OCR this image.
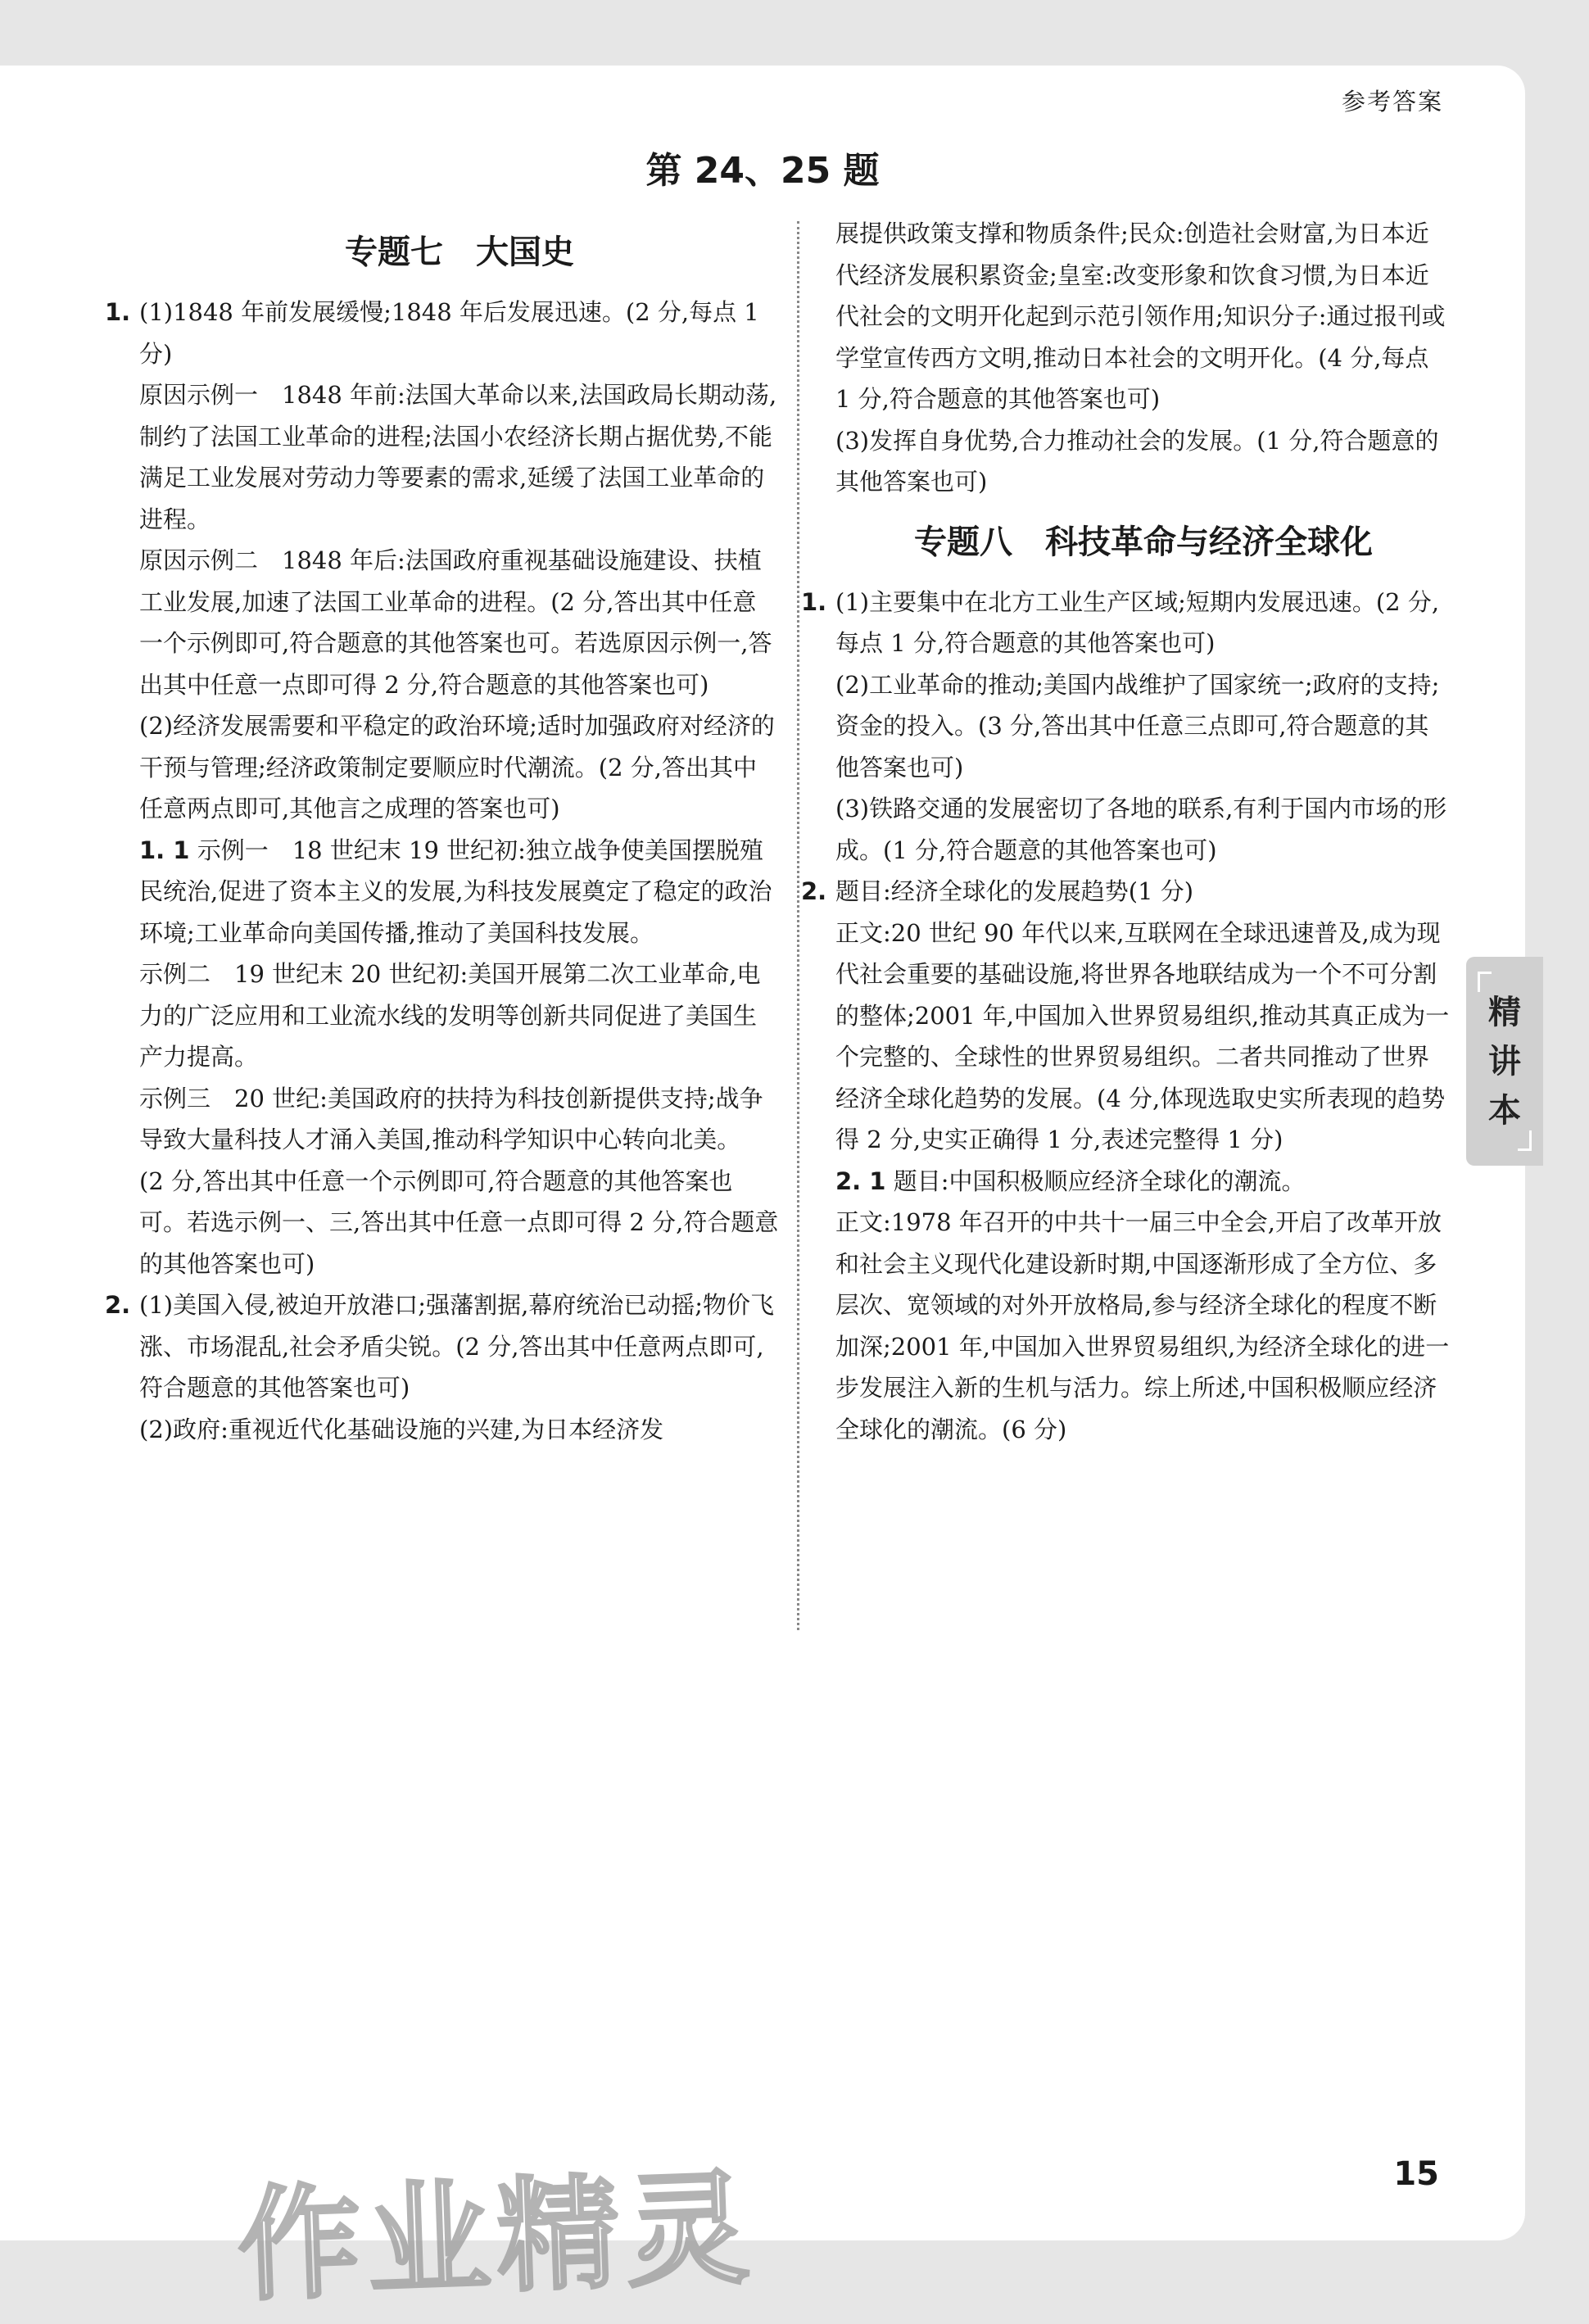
参考答案
第 24、25 题
专题七　大国史
1. (1)1848 年前发展缓慢;1848 年后发展迅速。(2 分,每点 1 分)

原因示例一　1848 年前:法国大革命以来,法国政局长期动荡,制约了法国工业革命的进程;法国小农经济长期占据优势,不能满足工业发展对劳动力等要素的需求,延缓了法国工业革命的进程。

原因示例二　1848 年后:法国政府重视基础设施建设、扶植工业发展,加速了法国工业革命的进程。(2 分,答出其中任意一个示例即可,符合题意的其他答案也可。若选原因示例一,答出其中任意一点即可得 2 分,符合题意的其他答案也可)

(2)经济发展需要和平稳定的政治环境;适时加强政府对经济的干预与管理;经济政策制定要顺应时代潮流。(2 分,答出其中任意两点即可,其他言之成理的答案也可)

1. 1 示例一　18 世纪末 19 世纪初:独立战争使美国摆脱殖民统治,促进了资本主义的发展,为科技发展奠定了稳定的政治环境;工业革命向美国传播,推动了美国科技发展。

示例二　19 世纪末 20 世纪初:美国开展第二次工业革命,电力的广泛应用和工业流水线的发明等创新共同促进了美国生产力提高。

示例三　20 世纪:美国政府的扶持为科技创新提供支持;战争导致大量科技人才涌入美国,推动科学知识中心转向北美。

(2 分,答出其中任意一个示例即可,符合题意的其他答案也可。若选示例一、三,答出其中任意一点即可得 2 分,符合题意的其他答案也可)

2. (1)美国入侵,被迫开放港口;强藩割据,幕府统治已动摇;物价飞涨、市场混乱,社会矛盾尖锐。(2 分,答出其中任意两点即可,符合题意的其他答案也可)

(2)政府:重视近代化基础设施的兴建,为日本经济发

展提供政策支撑和物质条件;民众:创造社会财富,为日本近代经济发展积累资金;皇室:改变形象和饮食习惯,为日本近代社会的文明开化起到示范引领作用;知识分子:通过报刊或学堂宣传西方文明,推动日本社会的文明开化。(4 分,每点 1 分,符合题意的其他答案也可)

(3)发挥自身优势,合力推动社会的发展。(1 分,符合题意的其他答案也可)

专题八　科技革命与经济全球化
1. (1)主要集中在北方工业生产区域;短期内发展迅速。(2 分,每点 1 分,符合题意的其他答案也可)

(2)工业革命的推动;美国内战维护了国家统一;政府的支持;资金的投入。(3 分,答出其中任意三点即可,符合题意的其他答案也可)

(3)铁路交通的发展密切了各地的联系,有利于国内市场的形成。(1 分,符合题意的其他答案也可)

2. 题目:经济全球化的发展趋势(1 分)

正文:20 世纪 90 年代以来,互联网在全球迅速普及,成为现代社会重要的基础设施,将世界各地联结成为一个不可分割的整体;2001 年,中国加入世界贸易组织,推动其真正成为一个完整的、全球性的世界贸易组织。二者共同推动了世界经济全球化趋势的发展。(4 分,体现选取史实所表现的趋势得 2 分,史实正确得 1 分,表述完整得 1 分)

2. 1 题目:中国积极顺应经济全球化的潮流。

正文:1978 年召开的中共十一届三中全会,开启了改革开放和社会主义现代化建设新时期,中国逐渐形成了全方位、多层次、宽领域的对外开放格局,参与经济全球化的程度不断加深;2001 年,中国加入世界贸易组织,为经济全球化的进一步发展注入新的生机与活力。综上所述,中国积极顺应经济全球化的潮流。(6 分)

作业精灵	15
精
讲
本
